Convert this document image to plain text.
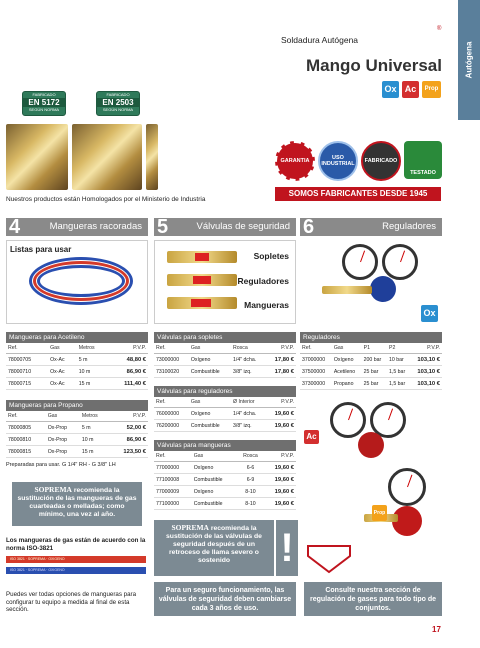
Autógena
Soldadura Autógena
®
Mango Universal
Ox Ac	Prop
FABRICADO
EN 5172
SEGÚN NORMA
FABRICADO
EN 2503
SEGÚN NORMA
Nuestros productos están Homologados por el Ministerio de Industria
GARANTIA	USO INDUSTRIAL	FABRICADO
TESTADO
SOMOS FABRICANTES DESDE 1945
4	Mangueras racoradas 5	Válvulas de seguridad 6	Reguladores
Listas para usar
Sopletes
Reguladores
Mangueras
Ox
Mangueras para Acetileno
Ref.	Gas	Metros	P.V.P.
78000705	Ox-Ac	5 m	48,80 €
78000710	Ox-Ac	10 m	86,90 €
78000715	Ox-Ac	15 m	111,40 €
Mangueras para Propano
Ref.	Gas	Metros	P.V.P.
78000805	Ox-Prop	5 m	52,00 €
78000810	Ox-Prop	10 m	86,90 €
78000815	Ox-Prop	15 m	123,50 €
Preparadas para usar. G 1/4" RH - G 3/8" LH
SOPREMA recomienda la sustitución de las mangueras de gas cuarteadas o melladas; como mínimo, una vez al año.
Los mangueras de gas están de acuerdo con la norma ISO-3821
ISO 3821 · SOPREMA · OXIGENO
ISO 3821 · SOPREMA · OXIGENO
Puedes ver todas opciones de mangueras para configurar tu equipo a medida al final de esta sección.
Válvulas para sopletes
Ref.	Gas	Rosca	P.V.P.
73000000	Oxígeno	1/4" dcha.	17,80 €
73100020	Combustible	3/8" izq.	17,80 €
Válvulas para reguladores
Ref.	Gas	Ø Interior	P.V.P.
76000000	Oxígeno	1/4" dcha.	19,60 €
76200000	Combustible	3/8" izq.	19,60 €
Válvulas para mangueras
Ref.	Gas	Rosca	P.V.P.
77000000	Oxígeno	6-6	19,60 €
77100008	Combustible	6-9	19,60 €
77000009	Oxígeno	8-10	19,60 €
77100000	Combustible	8-10	19,60 €
SOPREMA recomienda la sustitución de las válvulas de seguridad después de un retroceso de llama severo o sostenido	!
Para un seguro funcionamiento, las válvulas de seguridad deben cambiarse cada 3 años de uso.
Reguladores
Ref.	Gas	P1	P2	P.V.P.
37000000	Oxígeno	200 bar	10 bar	103,10 €
37500000	Acetileno	25 bar	1,5 bar	103,10 €
37300000	Propano	25 bar	1,5 bar	103,10 €
Ac
Prop
Consulte nuestra sección de regulación de gases para todo tipo de conjuntos.
17
